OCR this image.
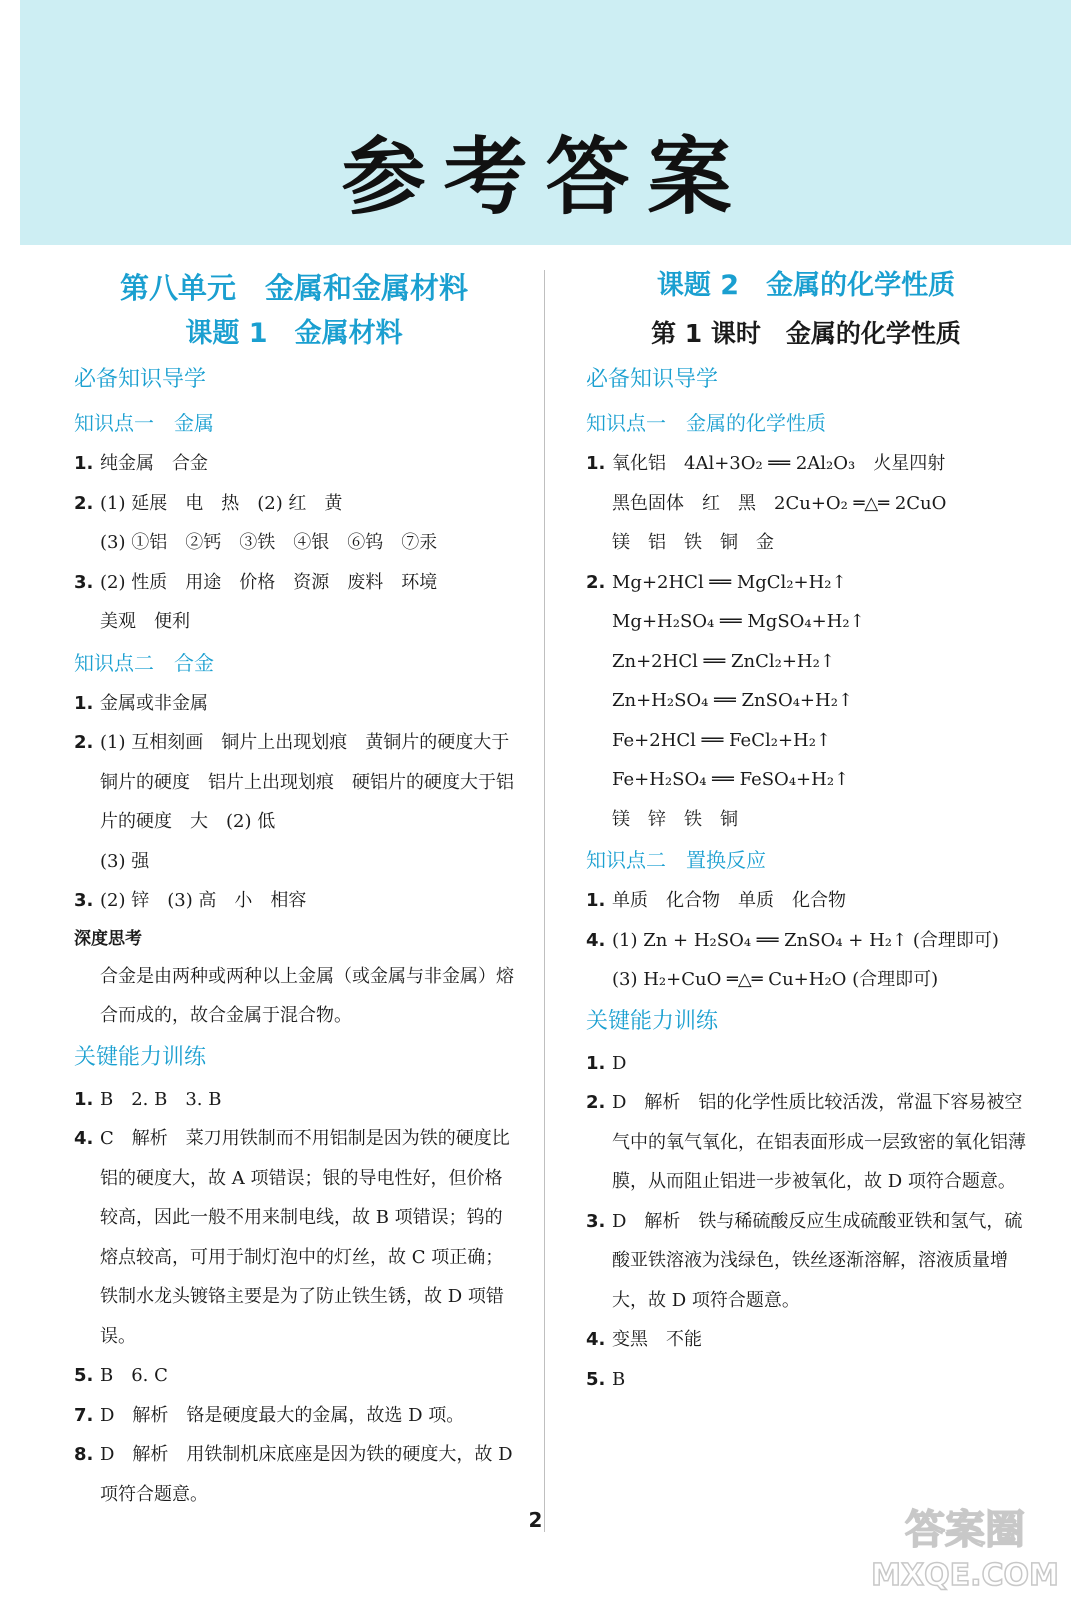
参考答案
第八单元　金属和金属材料
课题 1　金属材料
必备知识导学
知识点一　金属
1. 纯金属　合金
2. (1) 延展　电　热　(2) 红　黄
(3) ①铝　②钙　③铁　④银　⑥钨　⑦汞
3. (2) 性质　用途　价格　资源　废料　环境
美观　便利
知识点二　合金
1. 金属或非金属
2. (1) 互相刻画　铜片上出现划痕　黄铜片的硬度大于铜片的硬度　铝片上出现划痕　硬铝片的硬度大于铝片的硬度　大　(2) 低
(3) 强
3. (2) 锌　(3) 高　小　相容
深度思考
合金是由两种或两种以上金属（或金属与非金属）熔合而成的，故合金属于混合物。
关键能力训练
1. B　2. B　3. B
4. C　解析　菜刀用铁制而不用铝制是因为铁的硬度比铝的硬度大，故 A 项错误；银的导电性好，但价格较高，因此一般不用来制电线，故 B 项错误；钨的熔点较高，可用于制灯泡中的灯丝，故 C 项正确；铁制水龙头镀铬主要是为了防止铁生锈，故 D 项错误。
5. B　6. C
7. D　解析　铬是硬度最大的金属，故选 D 项。
8. D　解析　用铁制机床底座是因为铁的硬度大，故 D 项符合题意。
课题 2　金属的化学性质
第 1 课时　金属的化学性质
必备知识导学
知识点一　金属的化学性质
1. 氧化铝　4Al+3O₂ ══ 2Al₂O₃　火星四射
黑色固体　红　黑　2Cu+O₂ ═△═ 2CuO
镁　铝　铁　铜　金
2. Mg+2HCl ══ MgCl₂+H₂↑
Mg+H₂SO₄ ══ MgSO₄+H₂↑
Zn+2HCl ══ ZnCl₂+H₂↑
Zn+H₂SO₄ ══ ZnSO₄+H₂↑
Fe+2HCl ══ FeCl₂+H₂↑
Fe+H₂SO₄ ══ FeSO₄+H₂↑
镁　锌　铁　铜
知识点二　置换反应
1. 单质　化合物　单质　化合物
4. (1) Zn + H₂SO₄ ══ ZnSO₄ + H₂↑ (合理即可)　(3) H₂+CuO ═△═ Cu+H₂O (合理即可)
关键能力训练
1. D
2. D　解析　铝的化学性质比较活泼，常温下容易被空气中的氧气氧化，在铝表面形成一层致密的氧化铝薄膜，从而阻止铝进一步被氧化，故 D 项符合题意。
3. D　解析　铁与稀硫酸反应生成硫酸亚铁和氢气，硫酸亚铁溶液为浅绿色，铁丝逐渐溶解，溶液质量增大，故 D 项符合题意。
4. 变黑　不能
5. B
2	答案圈
MXQE.COM
